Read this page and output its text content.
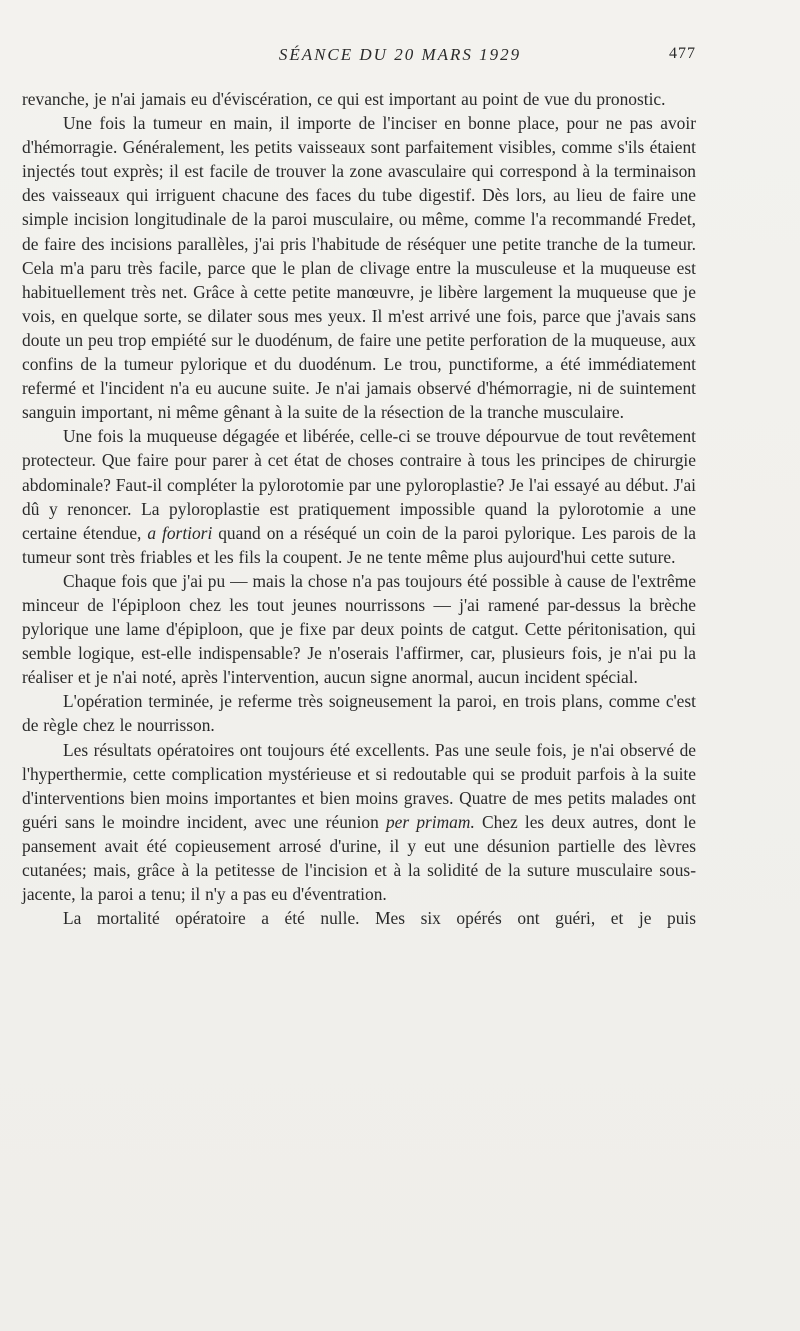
SÉANCE DU 20 MARS 1929	477

revanche, je n'ai jamais eu d'éviscération, ce qui est important au point de vue du pronostic.

Une fois la tumeur en main, il importe de l'inciser en bonne place, pour ne pas avoir d'hémorragie. Généralement, les petits vaisseaux sont parfaitement visibles, comme s'ils étaient injectés tout exprès; il est facile de trouver la zone avasculaire qui correspond à la terminaison des vaisseaux qui irriguent chacune des faces du tube digestif. Dès lors, au lieu de faire une simple incision longitudinale de la paroi musculaire, ou même, comme l'a recommandé Fredet, de faire des incisions parallèles, j'ai pris l'habitude de réséquer une petite tranche de la tumeur. Cela m'a paru très facile, parce que le plan de clivage entre la musculeuse et la muqueuse est habituellement très net. Grâce à cette petite manœuvre, je libère largement la muqueuse que je vois, en quelque sorte, se dilater sous mes yeux. Il m'est arrivé une fois, parce que j'avais sans doute un peu trop empiété sur le duodénum, de faire une petite perforation de la muqueuse, aux confins de la tumeur pylorique et du duodénum. Le trou, punctiforme, a été immédiatement refermé et l'incident n'a eu aucune suite. Je n'ai jamais observé d'hémorragie, ni de suintement sanguin important, ni même gênant à la suite de la résection de la tranche musculaire.

Une fois la muqueuse dégagée et libérée, celle-ci se trouve dépourvue de tout revêtement protecteur. Que faire pour parer à cet état de choses contraire à tous les principes de chirurgie abdominale? Faut-il compléter la pylorotomie par une pyloroplastie? Je l'ai essayé au début. J'ai dû y renoncer. La pyloroplastie est pratiquement impossible quand la pylorotomie a une certaine étendue, a fortiori quand on a réséqué un coin de la paroi pylorique. Les parois de la tumeur sont très friables et les fils la coupent. Je ne tente même plus aujourd'hui cette suture.

Chaque fois que j'ai pu — mais la chose n'a pas toujours été possible à cause de l'extrême minceur de l'épiploon chez les tout jeunes nourrissons — j'ai ramené par-dessus la brèche pylorique une lame d'épiploon, que je fixe par deux points de catgut. Cette péritonisation, qui semble logique, est-elle indispensable? Je n'oserais l'affirmer, car, plusieurs fois, je n'ai pu la réaliser et je n'ai noté, après l'intervention, aucun signe anormal, aucun incident spécial.

L'opération terminée, je referme très soigneusement la paroi, en trois plans, comme c'est de règle chez le nourrisson.

Les résultats opératoires ont toujours été excellents. Pas une seule fois, je n'ai observé de l'hyperthermie, cette complication mystérieuse et si redoutable qui se produit parfois à la suite d'interventions bien moins importantes et bien moins graves. Quatre de mes petits malades ont guéri sans le moindre incident, avec une réunion per primam. Chez les deux autres, dont le pansement avait été copieusement arrosé d'urine, il y eut une désunion partielle des lèvres cutanées; mais, grâce à la petitesse de l'incision et à la solidité de la suture musculaire sous-jacente, la paroi a tenu; il n'y a pas eu d'éventration.

La mortalité opératoire a été nulle. Mes six opérés ont guéri, et je puis
